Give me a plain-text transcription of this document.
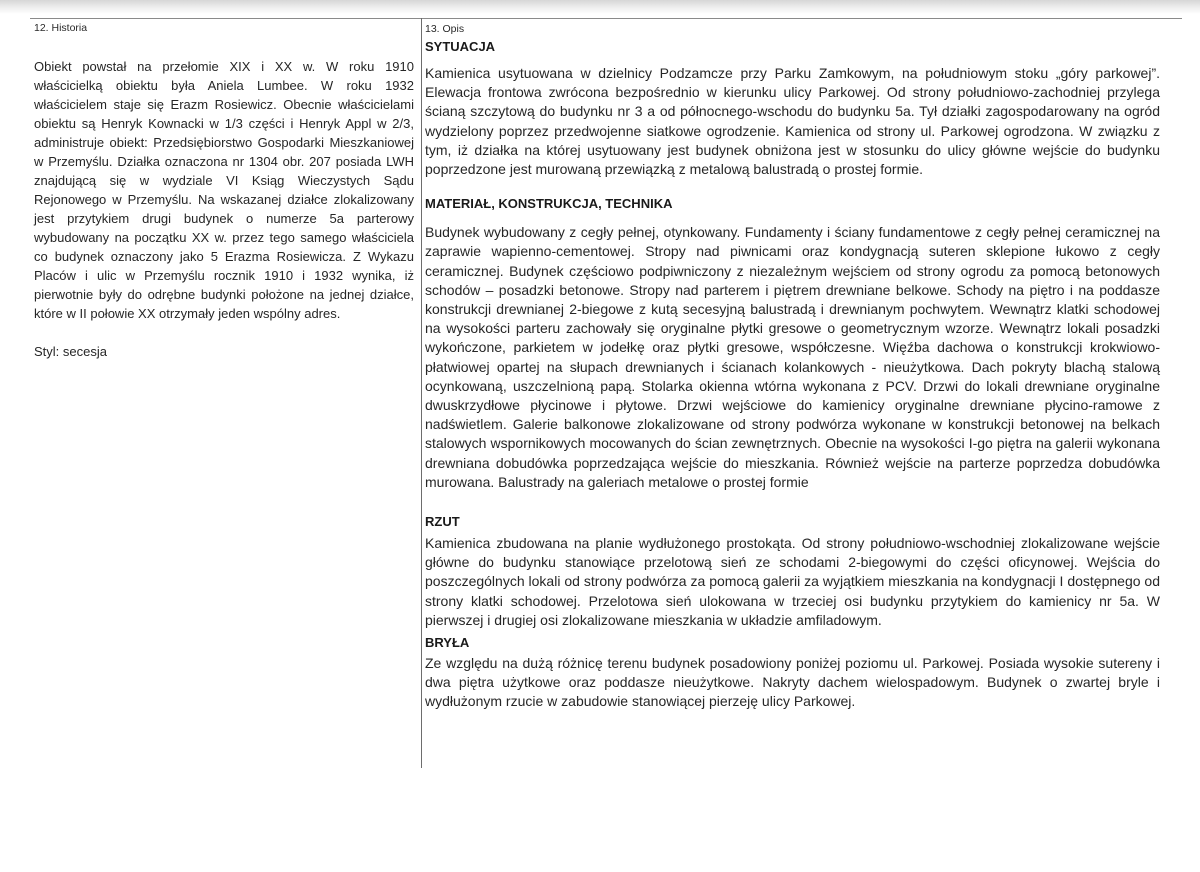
12. Historia

Obiekt powstał na przełomie XIX i XX w. W roku 1910 właścicielką obiektu była Aniela Lumbee. W roku 1932 właścicielem staje się Erazm Rosiewicz. Obecnie właścicielami obiektu są Henryk Kownacki w 1/3 części i Henryk Appl w 2/3, administruje obiekt: Przedsiębiorstwo Gospodarki Mieszkaniowej w Przemyślu. Działka oznaczona nr 1304 obr. 207 posiada LWH znajdującą się w wydziale VI Ksiąg Wieczystych Sądu Rejonowego w Przemyślu. Na wskazanej działce zlokalizowany jest przytykiem drugi budynek o numerze 5a parterowy wybudowany na początku XX w. przez tego samego właściciela co budynek oznaczony jako 5 Erazma Rosiewicza. Z Wykazu Placów i ulic w Przemyślu rocznik 1910 i 1932 wynika, iż pierwotnie były do odrębne budynki położone na jednej działce, które w II połowie XX otrzymały jeden wspólny adres.

Styl: secesja

13. Opis

SYTUACJA

Kamienica usytuowana w dzielnicy Podzamcze przy Parku Zamkowym, na południowym stoku „góry parkowej”. Elewacja frontowa zwrócona bezpośrednio w kierunku ulicy Parkowej. Od strony południowo-zachodniej przylega ścianą szczytową do budynku nr 3 a od północnego-wschodu do budynku 5a. Tył działki zagospodarowany na ogród wydzielony poprzez przedwojenne siatkowe ogrodzenie. Kamienica od strony ul. Parkowej ogrodzona. W związku z tym, iż działka na której usytuowany jest budynek obniżona jest w stosunku do ulicy główne wejście do budynku poprzedzone jest murowaną przewiązką z metalową balustradą o prostej formie.

MATERIAŁ, KONSTRUKCJA, TECHNIKA

Budynek wybudowany z cegły pełnej, otynkowany. Fundamenty i ściany fundamentowe z cegły pełnej ceramicznej na zaprawie wapienno-cementowej. Stropy nad piwnicami oraz kondygnacją suteren sklepione łukowo z cegły ceramicznej. Budynek częściowo podpiwniczony z niezależnym wejściem od strony ogrodu za pomocą betonowych schodów – posadzki betonowe. Stropy nad parterem i piętrem drewniane belkowe. Schody na piętro i na poddasze konstrukcji drewnianej 2-biegowe z kutą secesyjną balustradą i drewnianym pochwytem. Wewnątrz klatki schodowej na wysokości parteru zachowały się oryginalne płytki gresowe o geometrycznym wzorze. Wewnątrz lokali posadzki wykończone, parkietem w jodełkę oraz płytki gresowe, współczesne. Więźba dachowa o konstrukcji krokwiowo-płatwiowej opartej na słupach drewnianych i ścianach kolankowych - nieużytkowa. Dach pokryty blachą stalową ocynkowaną, uszczelnioną papą. Stolarka okienna wtórna wykonana z PCV. Drzwi do lokali drewniane oryginalne dwuskrzydłowe płycinowe i płytowe. Drzwi wejściowe do kamienicy oryginalne drewniane płycino-ramowe z nadświetlem. Galerie balkonowe zlokalizowane od strony podwórza wykonane w konstrukcji betonowej na belkach stalowych wspornikowych mocowanych do ścian zewnętrznych. Obecnie na wysokości I-go piętra na galerii wykonana drewniana dobudówka poprzedzająca wejście do mieszkania. Również wejście na parterze poprzedza dobudówka murowana. Balustrady na galeriach metalowe o prostej formie

RZUT

Kamienica zbudowana na planie wydłużonego prostokąta. Od strony południowo-wschodniej zlokalizowane wejście główne do budynku stanowiące przelotową sień ze schodami 2-biegowymi do części oficynowej. Wejścia do poszczególnych lokali od strony podwórza za pomocą galerii za wyjątkiem mieszkania na kondygnacji I dostępnego od strony klatki schodowej. Przelotowa sień ulokowana w trzeciej osi budynku przytykiem do kamienicy nr 5a. W pierwszej i drugiej osi zlokalizowane mieszkania w układzie amfiladowym.

BRYŁA

Ze względu na dużą różnicę terenu budynek posadowiony poniżej poziomu ul. Parkowej. Posiada wysokie sutereny i dwa piętra użytkowe oraz poddasze nieużytkowe. Nakryty dachem wielospadowym. Budynek o zwartej bryle i wydłużonym rzucie w zabudowie stanowiącej pierzeję ulicy Parkowej.
